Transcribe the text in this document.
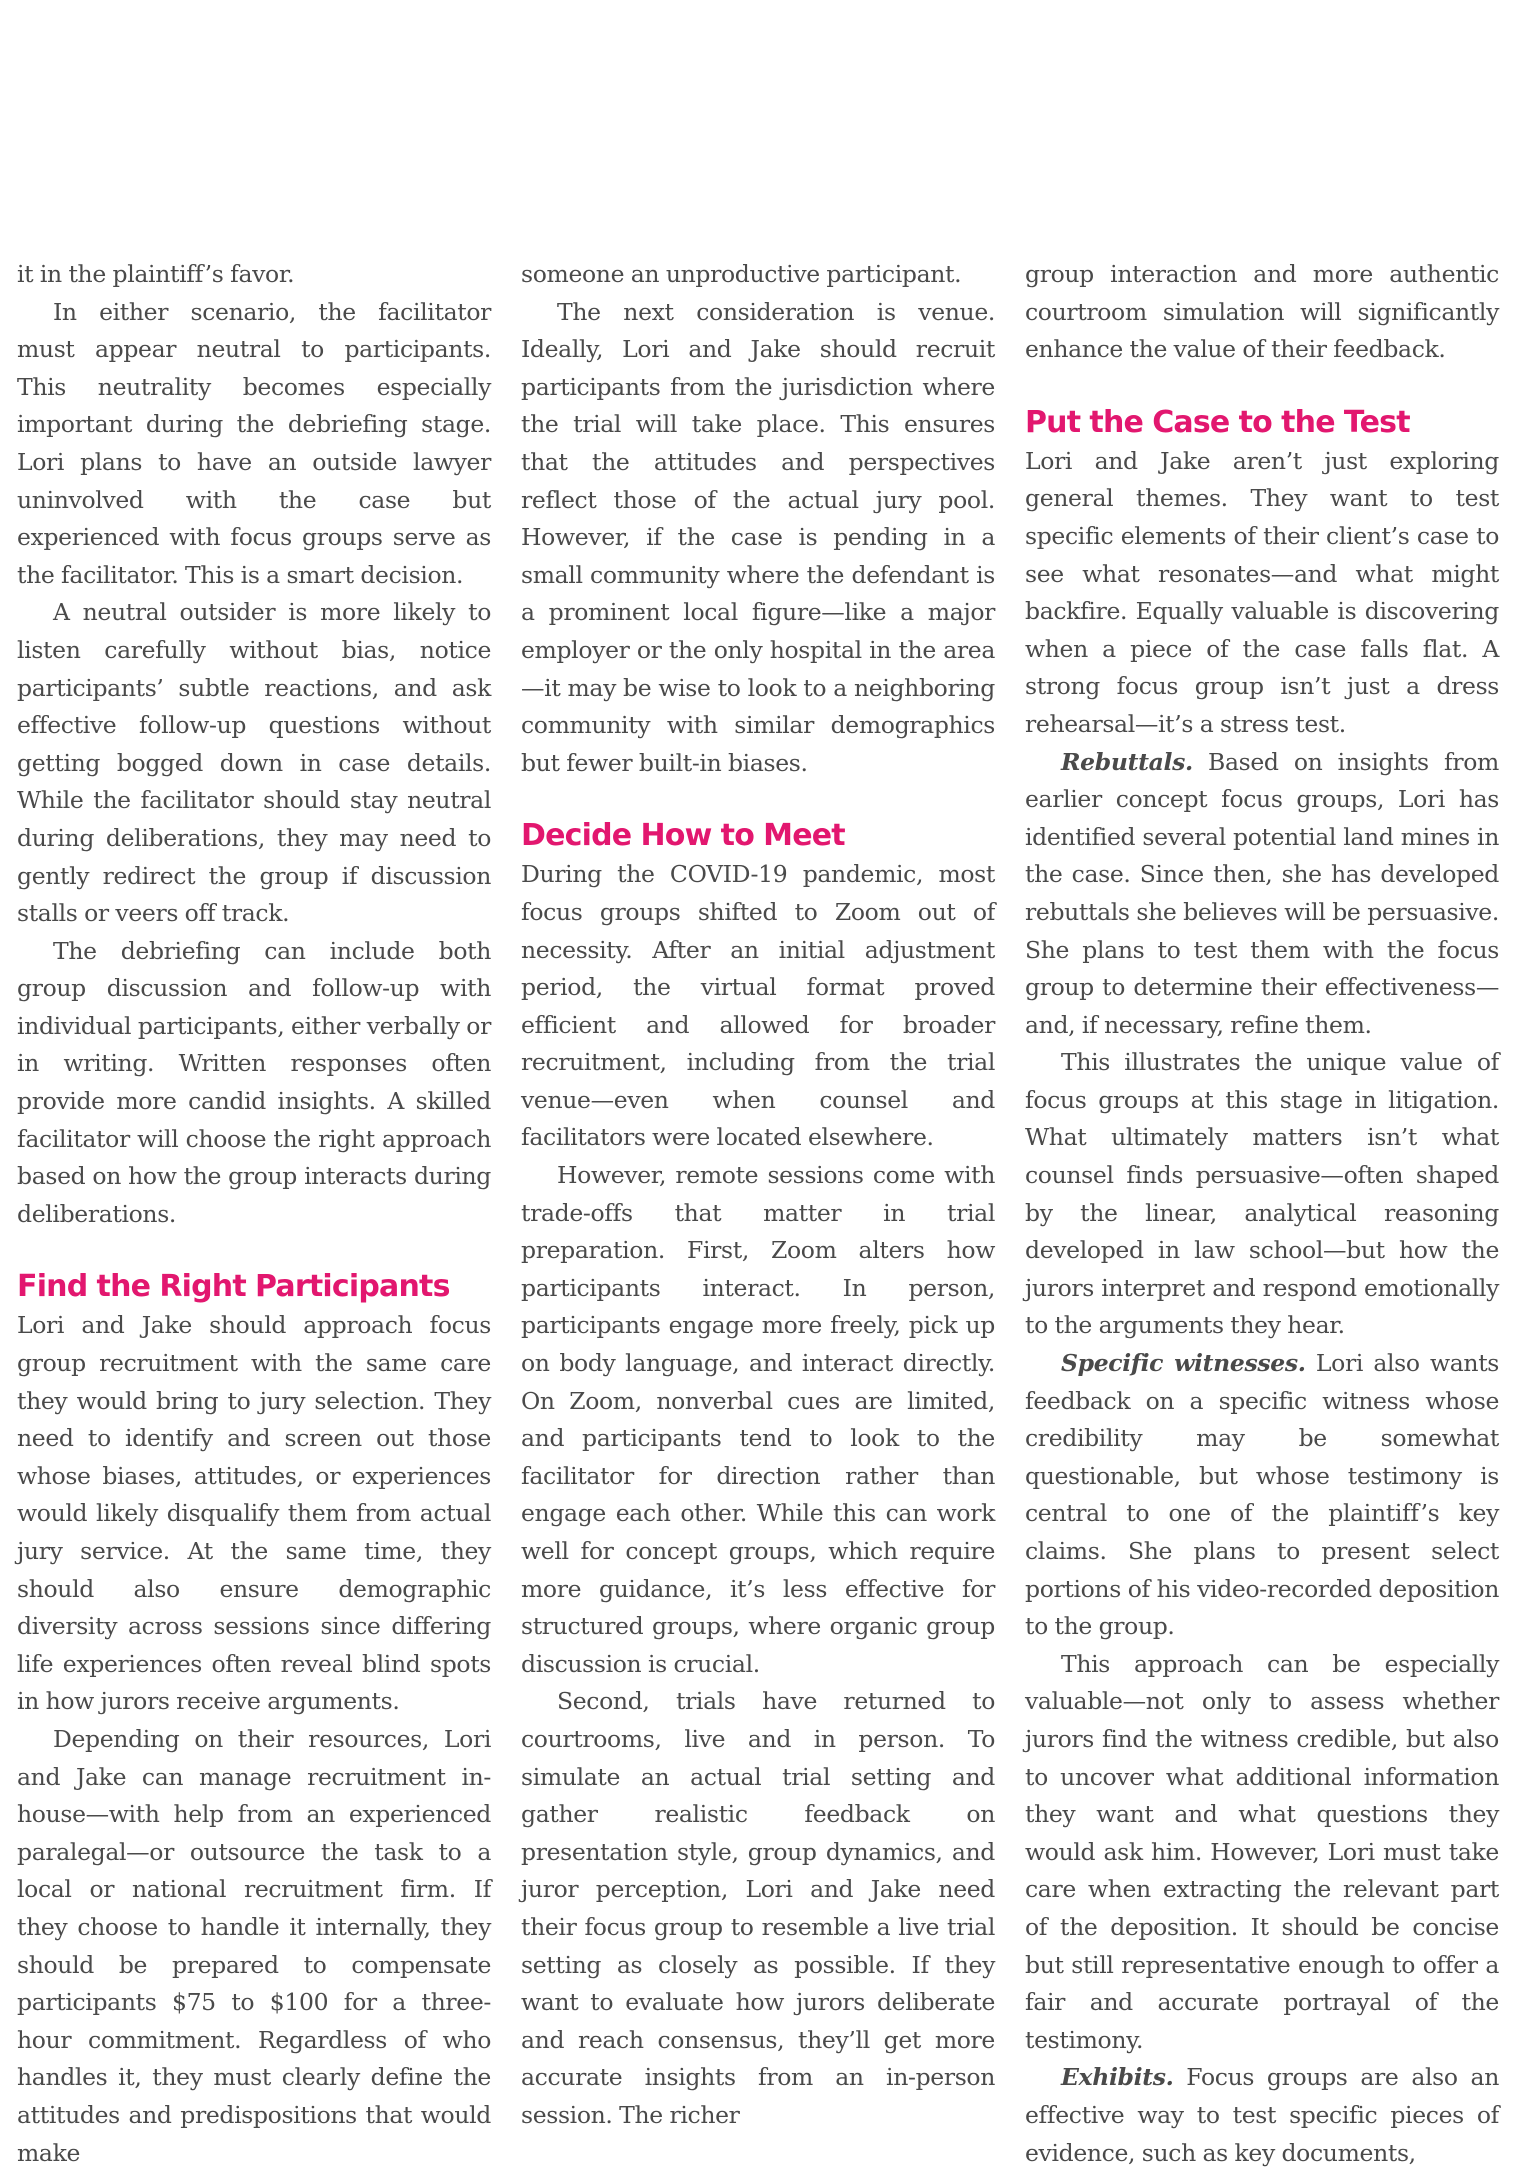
it in the plaintiff’s favor.

In either scenario, the facilitator must appear neutral to participants. This neutrality becomes especially important during the debriefing stage. Lori plans to have an outside lawyer uninvolved with the case but experienced with focus groups serve as the facilitator. This is a smart decision.

A neutral outsider is more likely to listen carefully without bias, notice participants’ subtle reactions, and ask effective follow-up questions without getting bogged down in case details. While the facilitator should stay neutral during deliberations, they may need to gently redirect the group if discussion stalls or veers off track.

The debriefing can include both group discussion and follow-up with individual participants, either verbally or in writing. Written responses often provide more candid insights. A skilled facilitator will choose the right approach based on how the group interacts during deliberations.

Find the Right Participants

Lori and Jake should approach focus group recruitment with the same care they would bring to jury selection. They need to identify and screen out those whose biases, attitudes, or experiences would likely disqualify them from actual jury service. At the same time, they should also ensure demographic diversity across sessions since differing life experiences often reveal blind spots in how jurors receive arguments.

Depending on their resources, Lori and Jake can manage recruitment in-house—with help from an experienced paralegal—or outsource the task to a local or national recruitment firm. If they choose to handle it internally, they should be prepared to compensate participants $75 to $100 for a three-hour commitment. Regardless of who handles it, they must clearly define the attitudes and predispositions that would make

someone an unproductive participant.

The next consideration is venue. Ideally, Lori and Jake should recruit participants from the jurisdiction where the trial will take place. This ensures that the attitudes and perspectives reflect those of the actual jury pool. However, if the case is pending in a small community where the defendant is a prominent local figure—like a major employer or the only hospital in the area—it may be wise to look to a neighboring community with similar demographics but fewer built-in biases.

Decide How to Meet

During the COVID-19 pandemic, most focus groups shifted to Zoom out of necessity. After an initial adjustment period, the virtual format proved efficient and allowed for broader recruitment, including from the trial venue—even when counsel and facilitators were located elsewhere.

However, remote sessions come with trade-offs that matter in trial preparation. First, Zoom alters how participants interact. In person, participants engage more freely, pick up on body language, and interact directly. On Zoom, nonverbal cues are limited, and participants tend to look to the facilitator for direction rather than engage each other. While this can work well for concept groups, which require more guidance, it’s less effective for structured groups, where organic group discussion is crucial.

Second, trials have returned to courtrooms, live and in person. To simulate an actual trial setting and gather realistic feedback on presentation style, group dynamics, and juror perception, Lori and Jake need their focus group to resemble a live trial setting as closely as possible. If they want to evaluate how jurors deliberate and reach consensus, they’ll get more accurate insights from an in-person session. The richer

group interaction and more authentic courtroom simulation will significantly enhance the value of their feedback.

Put the Case to the Test

Lori and Jake aren’t just exploring general themes. They want to test specific elements of their client’s case to see what resonates—and what might backfire. Equally valuable is discovering when a piece of the case falls flat. A strong focus group isn’t just a dress rehearsal—it’s a stress test.

Rebuttals. Based on insights from earlier concept focus groups, Lori has identified several potential land mines in the case. Since then, she has developed rebuttals she believes will be persuasive. She plans to test them with the focus group to determine their effectiveness—and, if necessary, refine them.

This illustrates the unique value of focus groups at this stage in litigation. What ultimately matters isn’t what counsel finds persuasive—often shaped by the linear, analytical reasoning developed in law school—but how the jurors interpret and respond emotionally to the arguments they hear.

Specific witnesses. Lori also wants feedback on a specific witness whose credibility may be somewhat questionable, but whose testimony is central to one of the plaintiff’s key claims. She plans to present select portions of his video-recorded deposition to the group.

This approach can be especially valuable—not only to assess whether jurors find the witness credible, but also to uncover what additional information they want and what questions they would ask him. However, Lori must take care when extracting the relevant part of the deposition. It should be concise but still representative enough to offer a fair and accurate portrayal of the testimony.

Exhibits. Focus groups are also an effective way to test specific pieces of evidence, such as key documents,
